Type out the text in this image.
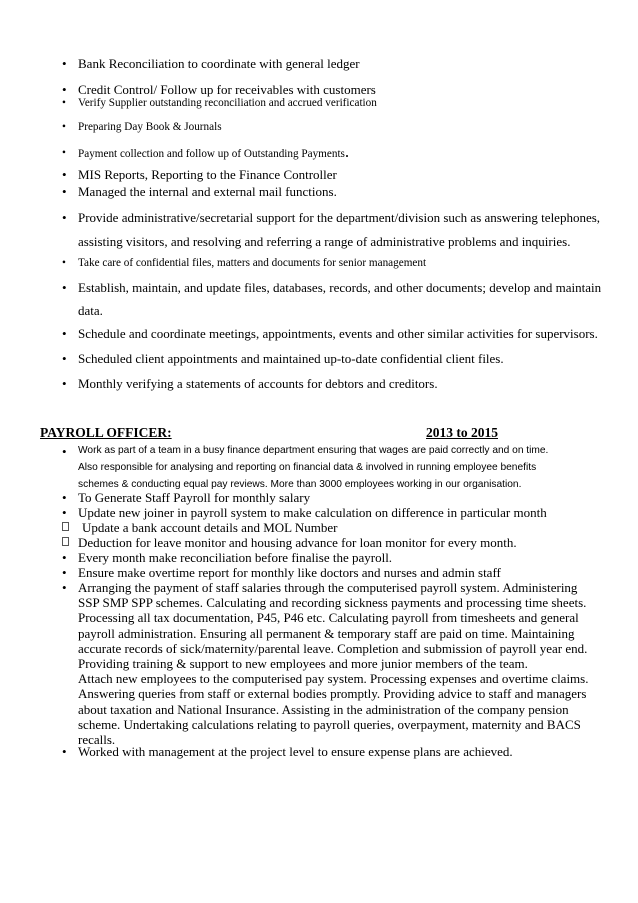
• Bank Reconciliation to coordinate with general ledger
• Credit Control/ Follow up for receivables with customers
• Verify Supplier outstanding reconciliation and accrued verification
• Preparing Day Book & Journals
• Payment collection and follow up of Outstanding Payments.
• MIS Reports, Reporting to the Finance Controller
• Managed the internal and external mail functions.
• Provide administrative/secretarial support for the department/division such as answering telephones,
assisting visitors, and resolving and referring a range of administrative problems and inquiries.
• Take care of confidential files, matters and documents for senior management
• Establish, maintain, and update files, databases, records, and other documents; develop and maintain
data.
• Schedule and coordinate meetings, appointments, events and other similar activities for supervisors.
• Scheduled client appointments and maintained up-to-date confidential client files.
• Monthly verifying a statements of accounts for debtors and creditors.
PAYROLL OFFICER:	2013 to 2015
• Work as part of a team in a busy finance department ensuring that wages are paid correctly and on time.
Also responsible for analysing and reporting on financial data & involved in running employee benefits
schemes & conducting equal pay reviews. More than 3000 employees working in our organisation.
• To Generate Staff Payroll for monthly salary
• Update new joiner in payroll system to make calculation on difference in particular month
Update a bank account details and MOL Number
Deduction for leave monitor and housing advance for loan monitor for every month.
• Every month make reconciliation before finalise the payroll.
• Ensure make overtime report for monthly like doctors and nurses and admin staff
• Arranging the payment of staff salaries through the computerised payroll system. Administering
SSP SMP SPP schemes. Calculating and recording sickness payments and processing time sheets.
Processing all tax documentation, P45, P46 etc. Calculating payroll from timesheets and general
payroll administration. Ensuring all permanent & temporary staff are paid on time. Maintaining
accurate records of sick/maternity/parental leave. Completion and submission of payroll year end.
Providing training & support to new employees and more junior members of the team.
Attach new employees to the computerised pay system. Processing expenses and overtime claims.
Answering queries from staff or external bodies promptly. Providing advice to staff and managers
about taxation and National Insurance. Assisting in the administration of the company pension
scheme. Undertaking calculations relating to payroll queries, overpayment, maternity and BACS
recalls.
• Worked with management at the project level to ensure expense plans are achieved.
